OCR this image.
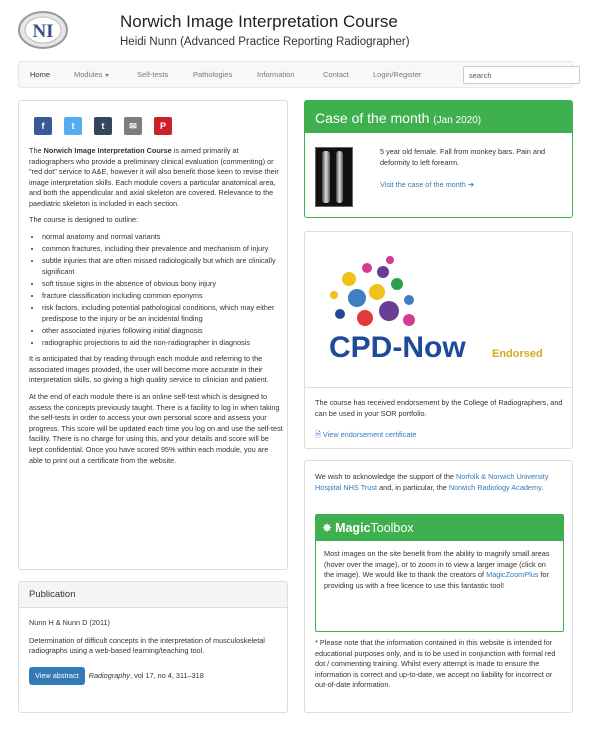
NI	Norwich Image Interpretation Course
Heidi Nunn (Advanced Practice Reporting Radiographer)
Home	Modules	Self-tests	Pathologies	Information	Contact	Login/Register
search
f	t	t	✉	P

The Norwich Image Interpretation Course is aimed primarily at radiographers who provide a preliminary clinical evaluation (commenting) or "red dot" service to A&E, however it will also benefit those keen to revise their image interpretation skills. Each module covers a particular anatomical area, and both the appendicular and axial skeleton are covered. Relevance to the paediatric skeleton is included in each section.

The course is designed to outline:

• normal anatomy and normal variants
• common fractures, including their prevalence and mechanism of injury
• subtle injuries that are often missed radiologically but which are clinically significant
• soft tissue signs in the absence of obvious bony injury
• fracture classification including common eponyms
• risk factors, including potential pathological conditions, which may either predispose to the injury or be an incidental finding
• other associated injuries following initial diagnosis
• radiographic projections to aid the non-radiographer in diagnosis

It is anticipated that by reading through each module and referring to the associated images provided, the user will become more accurate in their interpretation skills, so giving a high quality service to clinician and patient.

At the end of each module there is an online self-test which is designed to assess the concepts previously taught. There is a facility to log in when taking the self-tests in order to access your own personal score and assess your progress. This score will be updated each time you log on and use the self-test facility. There is no charge for using this, and your details and score will be kept confidential. Once you have scored 95% within each module, you are able to print out a certificate from the website.

Publication
Nunn H & Nunn D (2011)
Determination of difficult concepts in the interpretation of musculoskeletal radiographs using a web-based learning/teaching tool.
View abstract Radiography, vol 17, no 4, 311–318
Case of the month (Jan 2020)
5 year old female. Fall from monkey bars. Pain and deformity to left forearm.
Visit the case of the month ➔
CPD-Now Endorsed
The course has received endorsement by the College of Radiographers, and can be used in your SOR portfolio.
🗎 View endorsement certificate
We wish to acknowledge the support of the Norfolk & Norwich University Hospital NHS Trust and, in particular, the Norwich Radiology Academy.
✸ MagicToolbox
Most images on the site benefit from the ability to magnify small areas (hover over the image), or to zoom in to view a larger image (click on the image). We would like to thank the creators of MagicZoomPlus for providing us with a free licence to use this fantastic tool!
* Please note that the information contained in this website is intended for educational purposes only, and is to be used in conjunction with formal red dot / commenting training. Whilst every attempt is made to ensure the information is correct and up-to-date, we accept no liability for incorrect or out-of-date information.
